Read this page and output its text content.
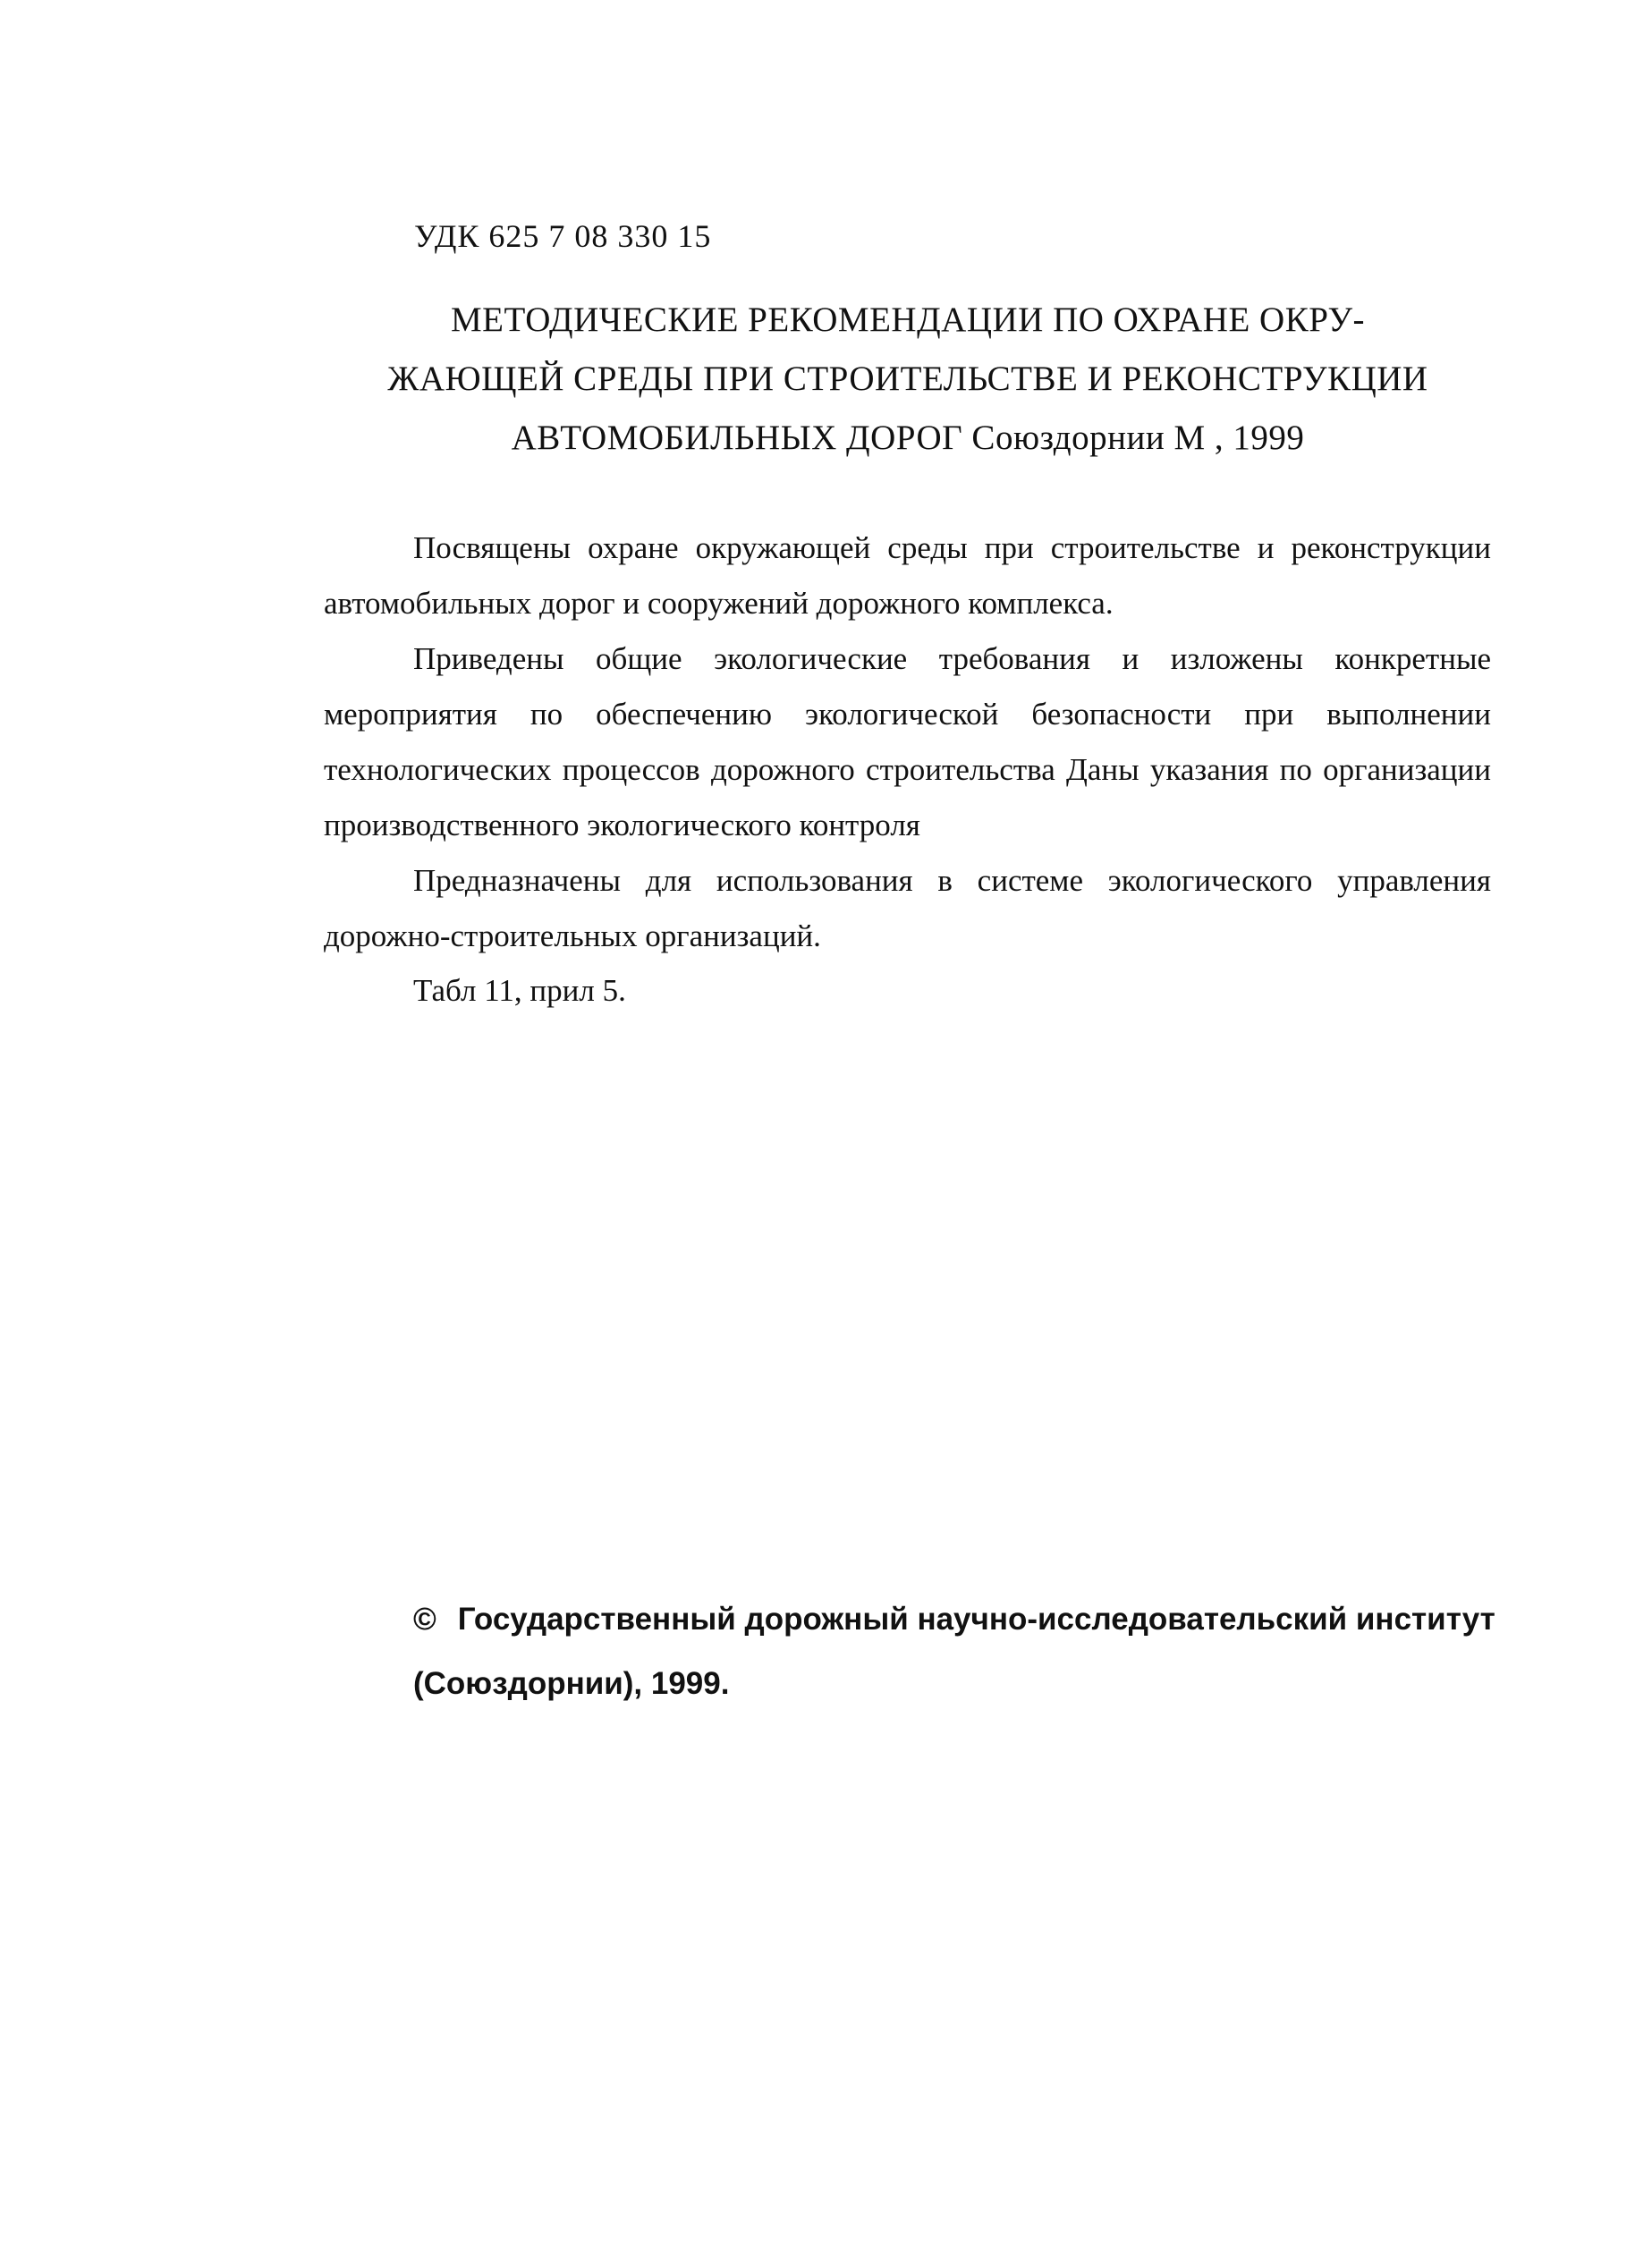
УДК 625 7 08 330 15
МЕТОДИЧЕСКИЕ РЕКОМЕНДАЦИИ ПО ОХРАНЕ ОКРУ-
ЖАЮЩЕЙ СРЕДЫ ПРИ СТРОИТЕЛЬСТВЕ И РЕКОНСТРУКЦИИ
АВТОМОБИЛЬНЫХ ДОРОГ Союздорнии М , 1999

Посвящены охране окружающей среды при строительстве и реконструкции автомобильных дорог и сооружений дорожного комплекса.

Приведены общие экологические требования и изложены конкретные мероприятия по обеспечению экологической безопасности при выполнении технологических процессов дорожного строительства Даны указания по организации производственного экологического контроля

Предназначены для использования в системе экологического управления дорожно-строительных организаций.

Табл 11, прил 5.
© Государственный дорожный научно-исследовательский институт
(Союздорнии), 1999.
